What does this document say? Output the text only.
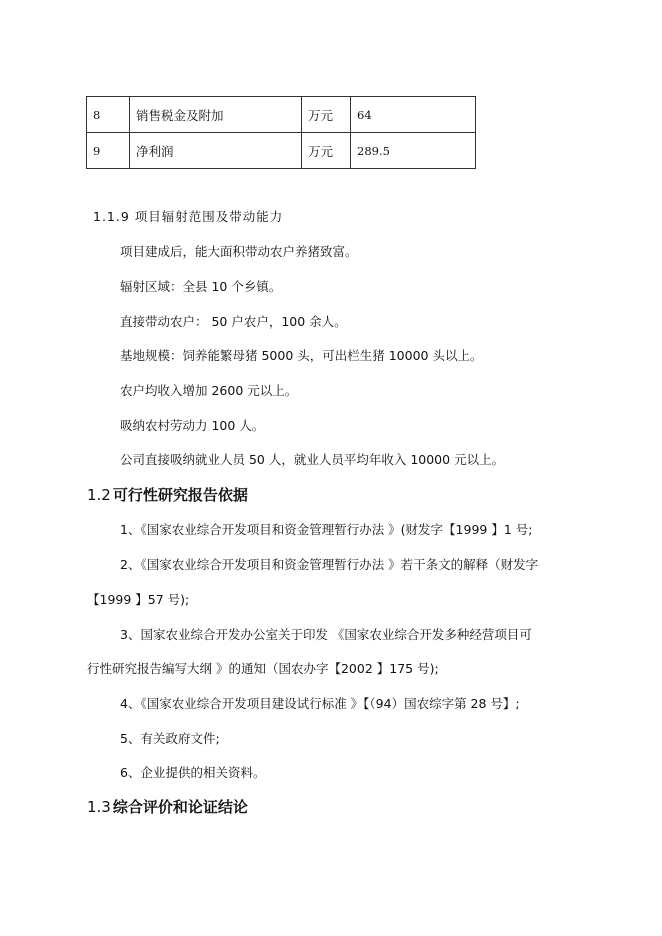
8	销售税金及附加	万元	64
9	净利润	万元	289.5
1.1.9 项目辐射范围及带动能力
项目建成后，能大面积带动农户养猪致富。
辐射区域：全县 10 个乡镇。
直接带动农户： 50 户农户，100 余人。
基地规模：饲养能繁母猪 5000 头，可出栏生猪 10000 头以上。
农户均收入增加 2600 元以上。
吸纳农村劳动力 100 人。
公司直接吸纳就业人员 50 人，就业人员平均年收入 10000 元以上。
1.2 可行性研究报告依据
1、《国家农业综合开发项目和资金管理暂行办法 》(财发字【1999 】1 号;
2、《国家农业综合开发项目和资金管理暂行办法 》若干条文的解释（财发字
【1999 】57 号);
3、国家农业综合开发办公室关于印发 《国家农业综合开发多种经营项目可
行性研究报告编写大纲 》的通知（国农办字【2002 】175 号);
4、《国家农业综合开发项目建设试行标准 》【（94）国农综字第 28 号】;
5、有关政府文件;
6、企业提供的相关资料。
1.3 综合评价和论证结论
